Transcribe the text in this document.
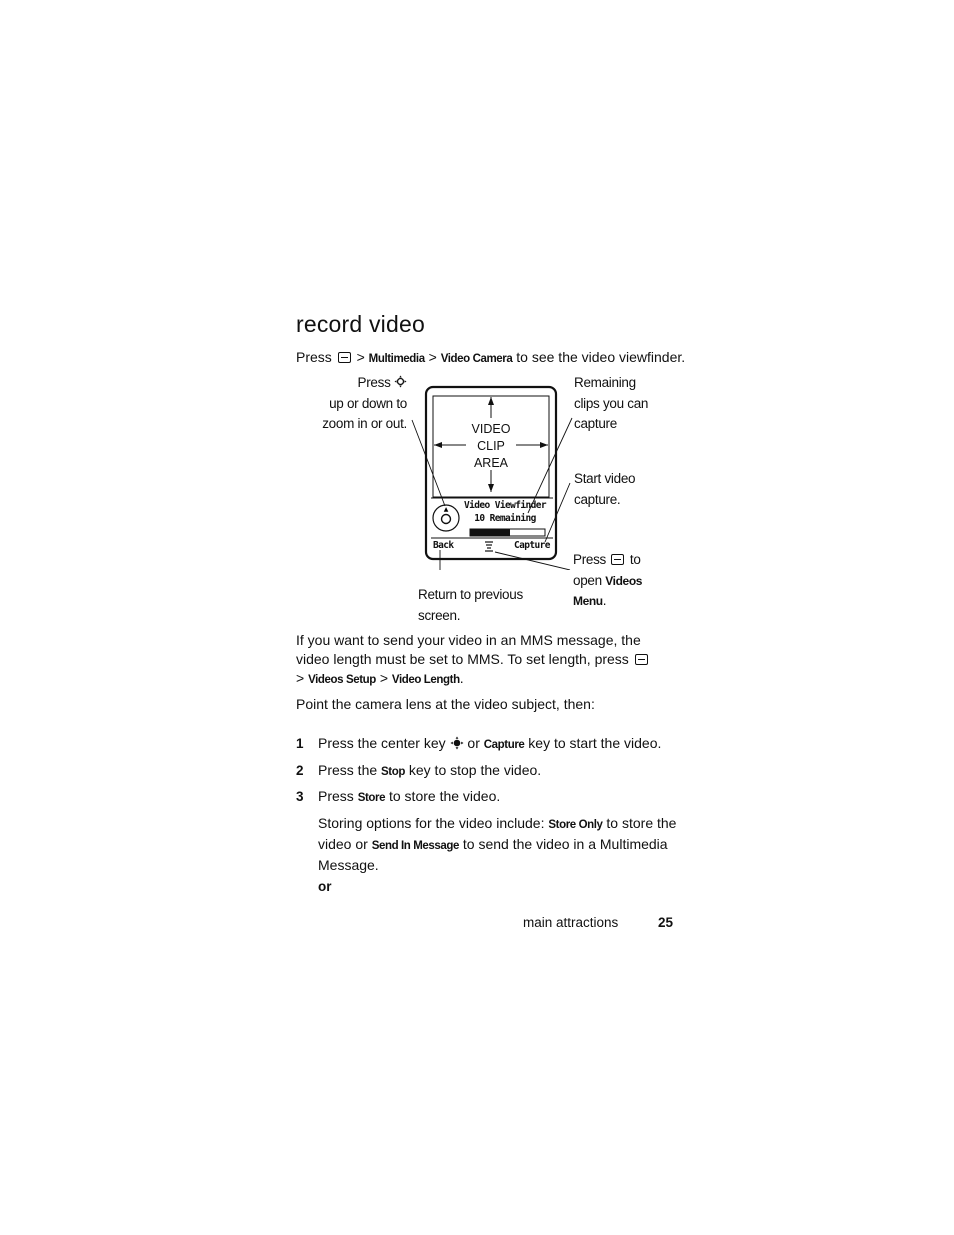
record video
Press > Multimedia > Video Camera to see the video viewfinder.
Press
up or down to
zoom in or out.
Remaining
clips you can
capture
Start video
capture.
Press to
open Videos
Menu.
Return to previous
screen.
▲
VIDEO
CLIP
AREA
Video Viewfinder
10 Remaining
Back	Capture
If you want to send your video in an MMS message, the
video length must be set to MMS. To set length, press
> Videos Setup > Video Length.
Point the camera lens at the video subject, then:
1 Press the center key or Capture key to start the video.
2 Press the Stop key to stop the video.
3 Press Store to store the video.
Storing options for the video include: Store Only to store the
video or Send In Message to send the video in a Multimedia
Message.
or
main attractions	25
